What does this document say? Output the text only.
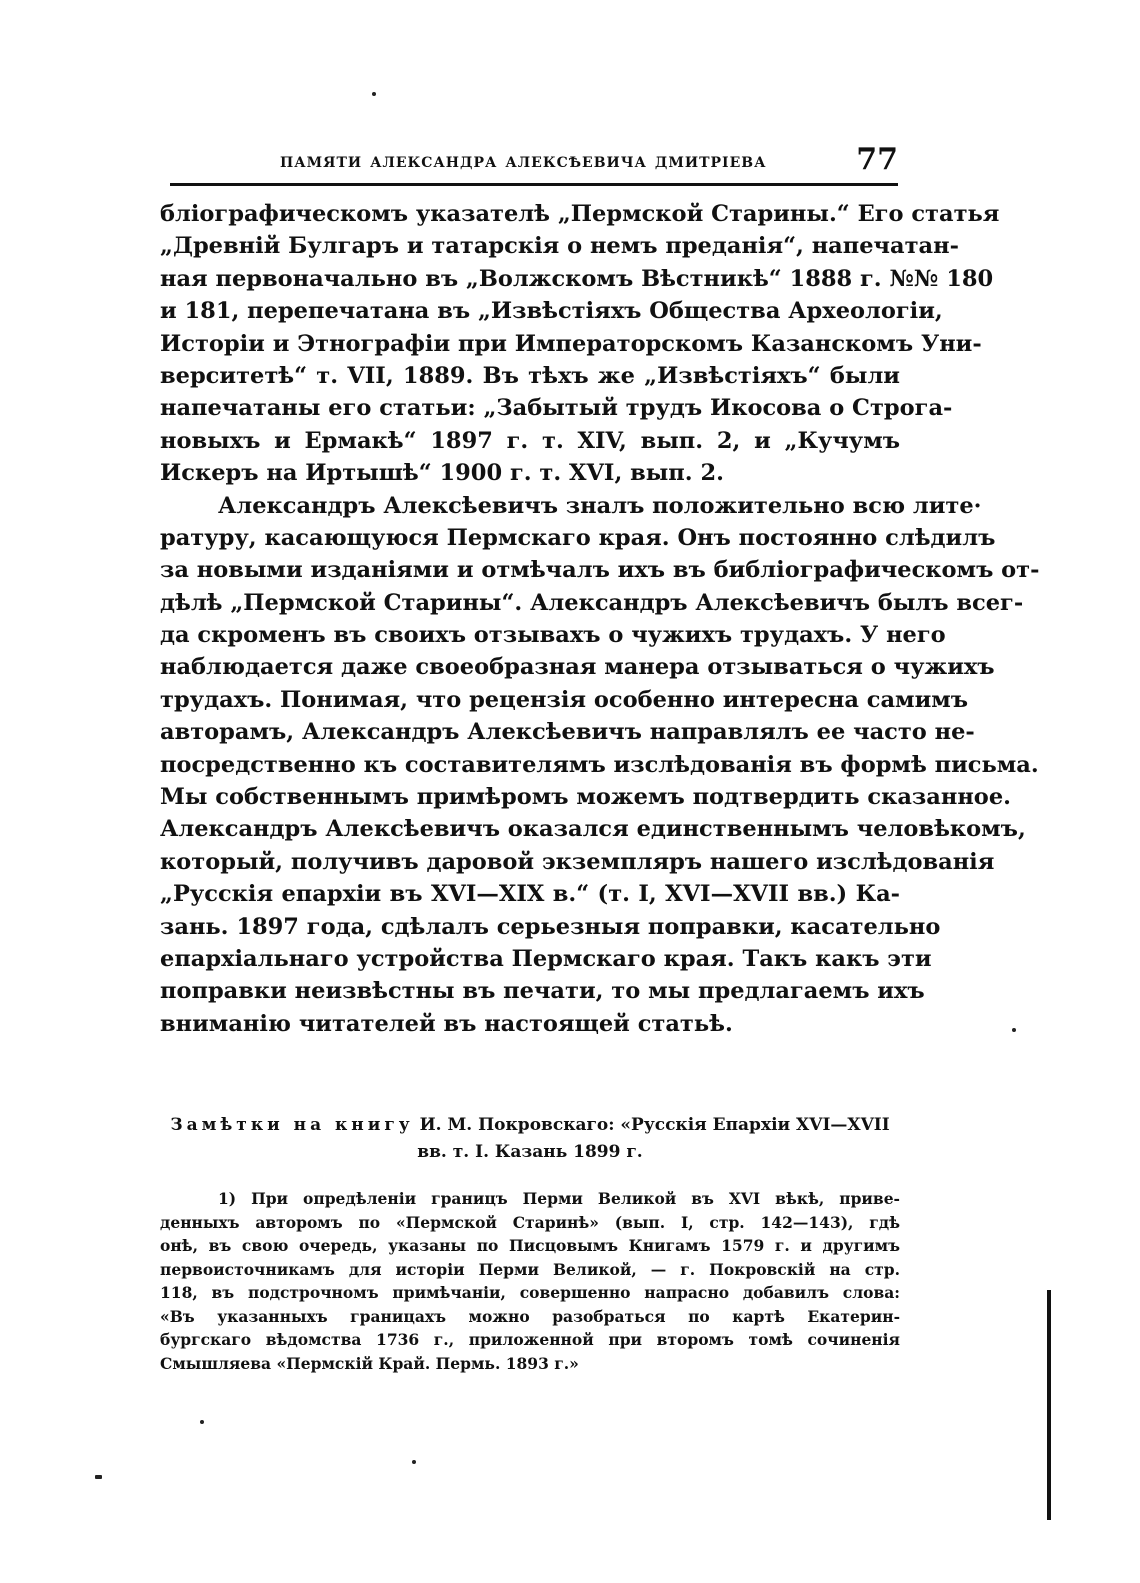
памяти александра алексѣевича дмитріева	77
бліографическомъ указателѣ „Пермской Старины.“ Его статья
„Древній Булгаръ и татарскія о немъ преданія“, напечатан-
ная первоначально въ „Волжскомъ Вѣстникѣ“ 1888 г. №№ 180
и 181, перепечатана въ „Извѣстіяхъ Общества Археологіи,
Исторіи и Этнографіи при Императорскомъ Казанскомъ Уни-
верситетѣ“ т. VII, 1889. Въ тѣхъ же „Извѣстіяхъ“ были
напечатаны его статьи: „Забытый трудъ Икосова о Строга-
новыхъ и Ермакѣ“ 1897 г. т. XIV, вып. 2, и „Кучумъ
Искеръ на Иртышѣ“ 1900 г. т. XVI, вып. 2.
Александръ Алексѣевичъ зналъ положительно всю лите·
ратуру, касающуюся Пермскаго края. Онъ постоянно слѣдилъ
за новыми изданіями и отмѣчалъ ихъ въ библіографическомъ от-
дѣлѣ „Пермской Старины“. Александръ Алексѣевичъ былъ всег-
да скроменъ въ своихъ отзывахъ о чужихъ трудахъ. У него
наблюдается даже своеобразная манера отзываться о чужихъ
трудахъ. Понимая, что рецензія особенно интересна самимъ
авторамъ, Александръ Алексѣевичъ направлялъ ее часто не-
посредственно къ составителямъ изслѣдованія въ формѣ письма.
Мы собственнымъ примѣромъ можемъ подтвердить сказанное.
Александръ Алексѣевичъ оказался единственнымъ человѣкомъ,
который, получивъ даровой экземпляръ нашего изслѣдованія
„Русскія епархіи въ XVI—XIX в.“ (т. I, XVI—XVII вв.) Ка-
зань. 1897 года, сдѣлалъ серьезныя поправки, касательно
епархіальнаго устройства Пермскаго края. Такъ какъ эти
поправки неизвѣстны въ печати, то мы предлагаемъ ихъ
вниманію читателей въ настоящей статьѣ.
Замѣтки на книгу И. М. Покровскаго: «Русскія Епархіи XVI—XVII
вв. т. I. Казань 1899 г.
1) При опредѣленіи границъ Перми Великой въ XVI вѣкѣ, приве-
денныхъ авторомъ по «Пермской Старинѣ» (вып. I, стр. 142—143), гдѣ
онѣ, въ свою очередь, указаны по Писцовымъ Книгамъ 1579 г. и другимъ
первоисточникамъ для исторіи Перми Великой, — г. Покровскій на стр.
118, въ подстрочномъ примѣчаніи, совершенно напрасно добавилъ слова:
«Въ указанныхъ границахъ можно разобраться по картѣ Екатерин-
бургскаго вѣдомства 1736 г., приложенной при второмъ томѣ сочиненія
Смышляева «Пермскій Край. Пермь. 1893 г.»
